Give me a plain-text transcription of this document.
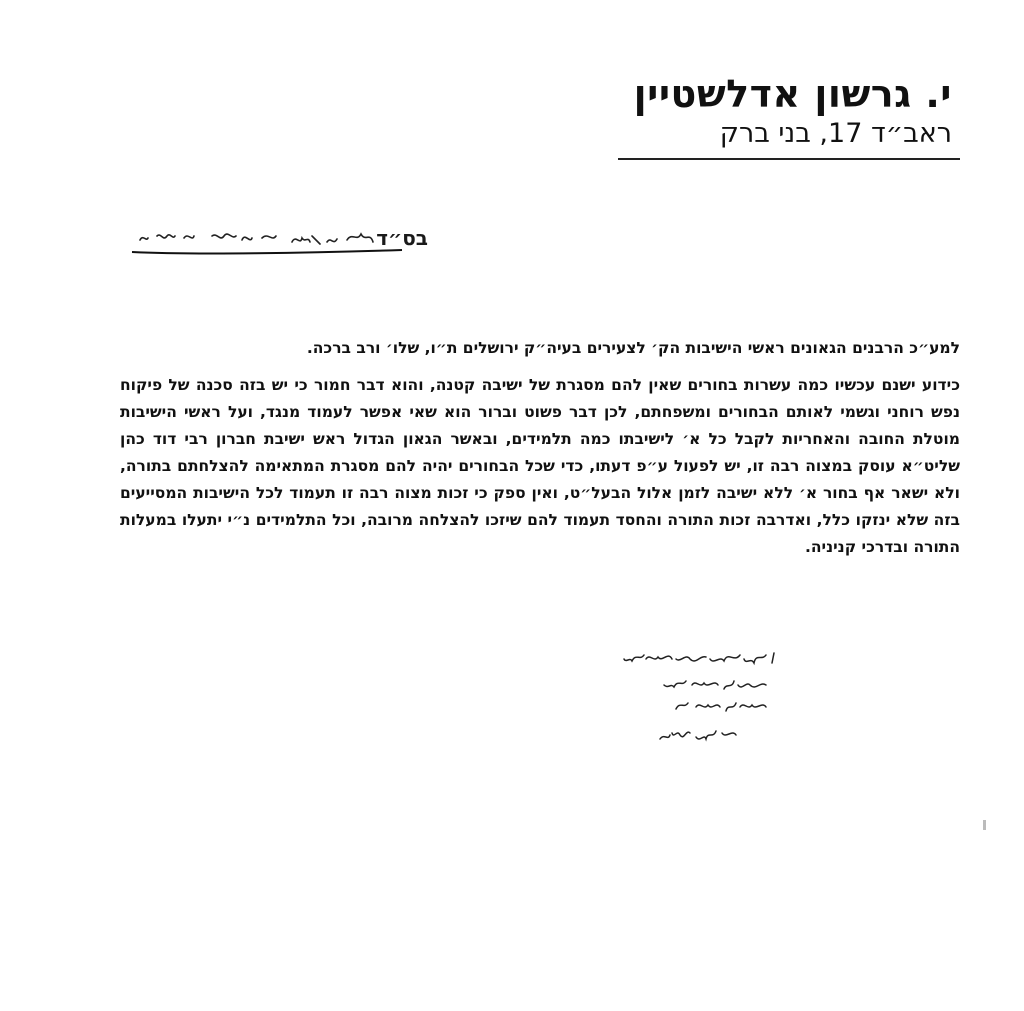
י. גרשון אדלשטיין
ראב״ד 17, בני ברק
בס״ד

למע״כ הרבנים הגאונים ראשי הישיבות הק׳ לצעירים בעיה״ק ירושלים ת״ו, שלו׳ ורב ברכה.

כידוע ישנם עכשיו כמה עשרות בחורים שאין להם מסגרת של ישיבה קטנה, והוא דבר חמור כי יש בזה סכנה של פיקוח נפש רוחני וגשמי לאותם הבחורים ומשפחתם, לכן דבר פשוט וברור הוא שאי אפשר לעמוד מנגד, ועל ראשי הישיבות מוטלת החובה והאחריות לקבל כל א׳ לישיבתו כמה תלמידים, ובאשר הגאון הגדול ראש ישיבת חברון רבי דוד כהן שליט״א עוסק במצוה רבה זו, יש לפעול ע״פ דעתו, כדי שכל הבחורים יהיה להם מסגרת המתאימה להצלחתם בתורה, ולא ישאר אף בחור א׳ ללא ישיבה לזמן אלול הבעל״ט, ואין ספק כי זכות מצוה רבה זו תעמוד לכל הישיבות המסייעים בזה שלא ינזקו כלל, ואדרבה זכות התורה והחסד תעמוד להם שיזכו להצלחה מרובה, וכל התלמידים נ״י יתעלו במעלות התורה ובדרכי קניניה.
